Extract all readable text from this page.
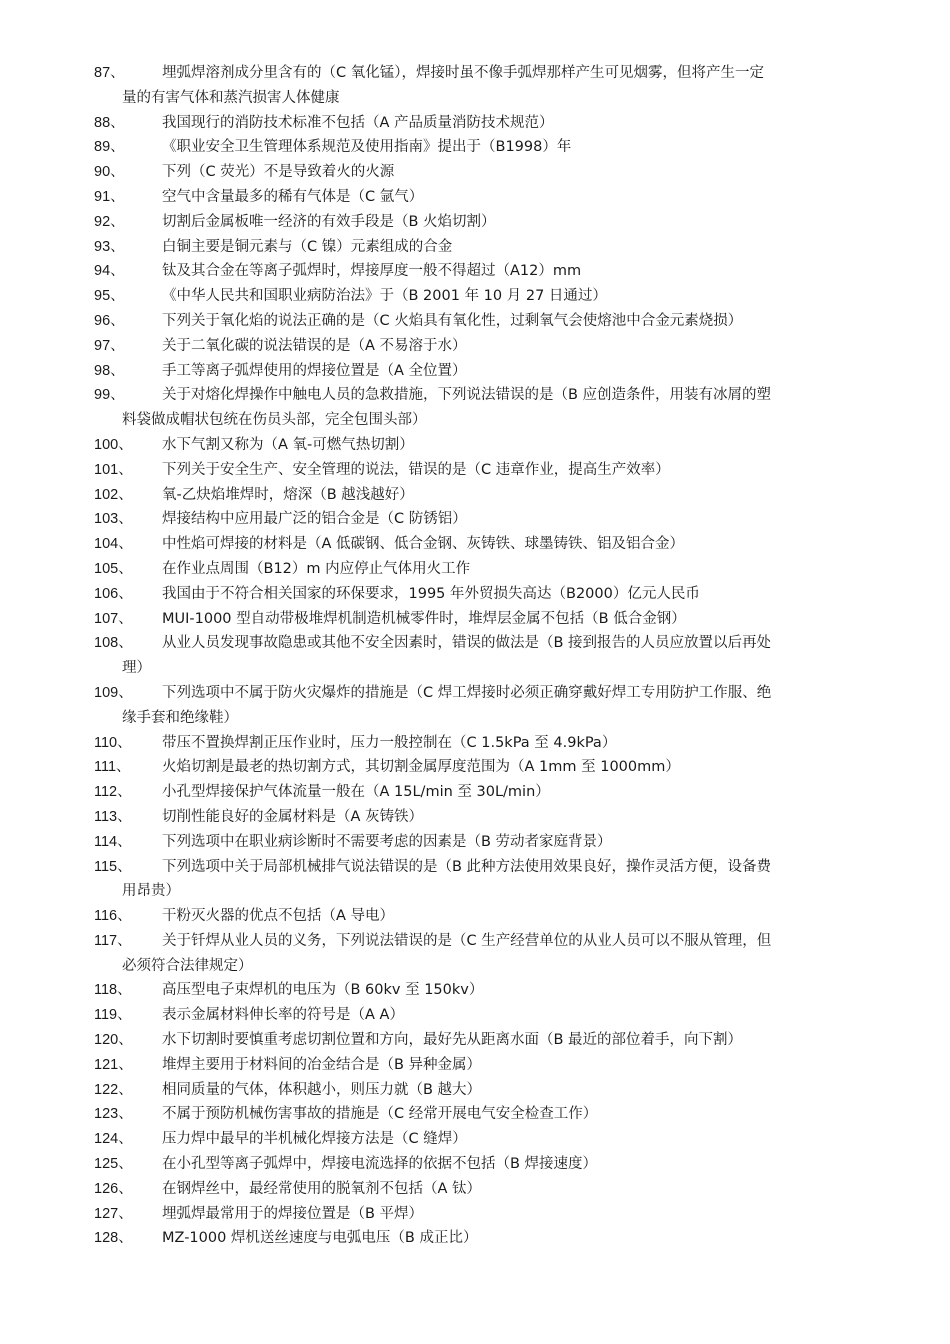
87、	埋弧焊溶剂成分里含有的（C 氧化锰），焊接时虽不像手弧焊那样产生可见烟雾，但将产生一定
量的有害气体和蒸汽损害人体健康
88、	我国现行的消防技术标准不包括（A 产品质量消防技术规范）
89、	《职业安全卫生管理体系规范及使用指南》提出于（B1998）年
90、	下列（C 荧光）不是导致着火的火源
91、	空气中含量最多的稀有气体是（C 氩气）
92、	切割后金属板唯一经济的有效手段是（B 火焰切割）
93、	白铜主要是铜元素与（C 镍）元素组成的合金
94、	钛及其合金在等离子弧焊时，焊接厚度一般不得超过（A12）mm
95、	《中华人民共和国职业病防治法》于（B 2001 年 10 月 27 日通过）
96、	下列关于氧化焰的说法正确的是（C 火焰具有氧化性，过剩氧气会使熔池中合金元素烧损）
97、	关于二氧化碳的说法错误的是（A 不易溶于水）
98、	手工等离子弧焊使用的焊接位置是（A 全位置）
99、	关于对熔化焊操作中触电人员的急救措施，下列说法错误的是（B 应创造条件，用装有冰屑的塑
料袋做成帽状包统在伤员头部，完全包围头部）
100、 水下气割又称为（A 氧-可燃气热切割）
101、 下列关于安全生产、安全管理的说法，错误的是（C 违章作业，提高生产效率）
102、 氧-乙炔焰堆焊时，熔深（B 越浅越好）
103、 焊接结构中应用最广泛的铝合金是（C 防锈铝）
104、 中性焰可焊接的材料是（A 低碳钢、低合金钢、灰铸铁、球墨铸铁、铝及铝合金）
105、 在作业点周围（B12）m 内应停止气体用火工作
106、 我国由于不符合相关国家的环保要求，1995 年外贸损失高达（B2000）亿元人民币
107、 MUI-1000 型自动带极堆焊机制造机械零件时，堆焊层金属不包括（B 低合金钢）
108、 从业人员发现事故隐患或其他不安全因素时，错误的做法是（B 接到报告的人员应放置以后再处
理）
109、 下列选项中不属于防火灾爆炸的措施是（C 焊工焊接时必须正确穿戴好焊工专用防护工作服、绝
缘手套和绝缘鞋）
110、 带压不置换焊割正压作业时，压力一般控制在（C 1.5kPa 至 4.9kPa）
111、 火焰切割是最老的热切割方式，其切割金属厚度范围为（A 1mm 至 1000mm）
112、 小孔型焊接保护气体流量一般在（A 15L/min 至 30L/min）
113、 切削性能良好的金属材料是（A 灰铸铁）
114、 下列选项中在职业病诊断时不需要考虑的因素是（B 劳动者家庭背景）
115、 下列选项中关于局部机械排气说法错误的是（B 此种方法使用效果良好，操作灵活方便，设备费
用昂贵）
116、 干粉灭火器的优点不包括（A 导电）
117、 关于钎焊从业人员的义务，下列说法错误的是（C 生产经营单位的从业人员可以不服从管理，但
必须符合法律规定）
118、 高压型电子束焊机的电压为（B 60kv 至 150kv）
119、 表示金属材料伸长率的符号是（A A）
120、 水下切割时要慎重考虑切割位置和方向，最好先从距离水面（B 最近的部位着手，向下割）
121、 堆焊主要用于材料间的冶金结合是（B 异种金属）
122、 相同质量的气体，体积越小，则压力就（B 越大）
123、 不属于预防机械伤害事故的措施是（C 经常开展电气安全检查工作）
124、 压力焊中最早的半机械化焊接方法是（C 缝焊）
125、 在小孔型等离子弧焊中，焊接电流选择的依据不包括（B 焊接速度）
126、 在钢焊丝中，最经常使用的脱氧剂不包括（A 钛）
127、 埋弧焊最常用于的焊接位置是（B 平焊）
128、 MZ-1000 焊机送丝速度与电弧电压（B 成正比）
